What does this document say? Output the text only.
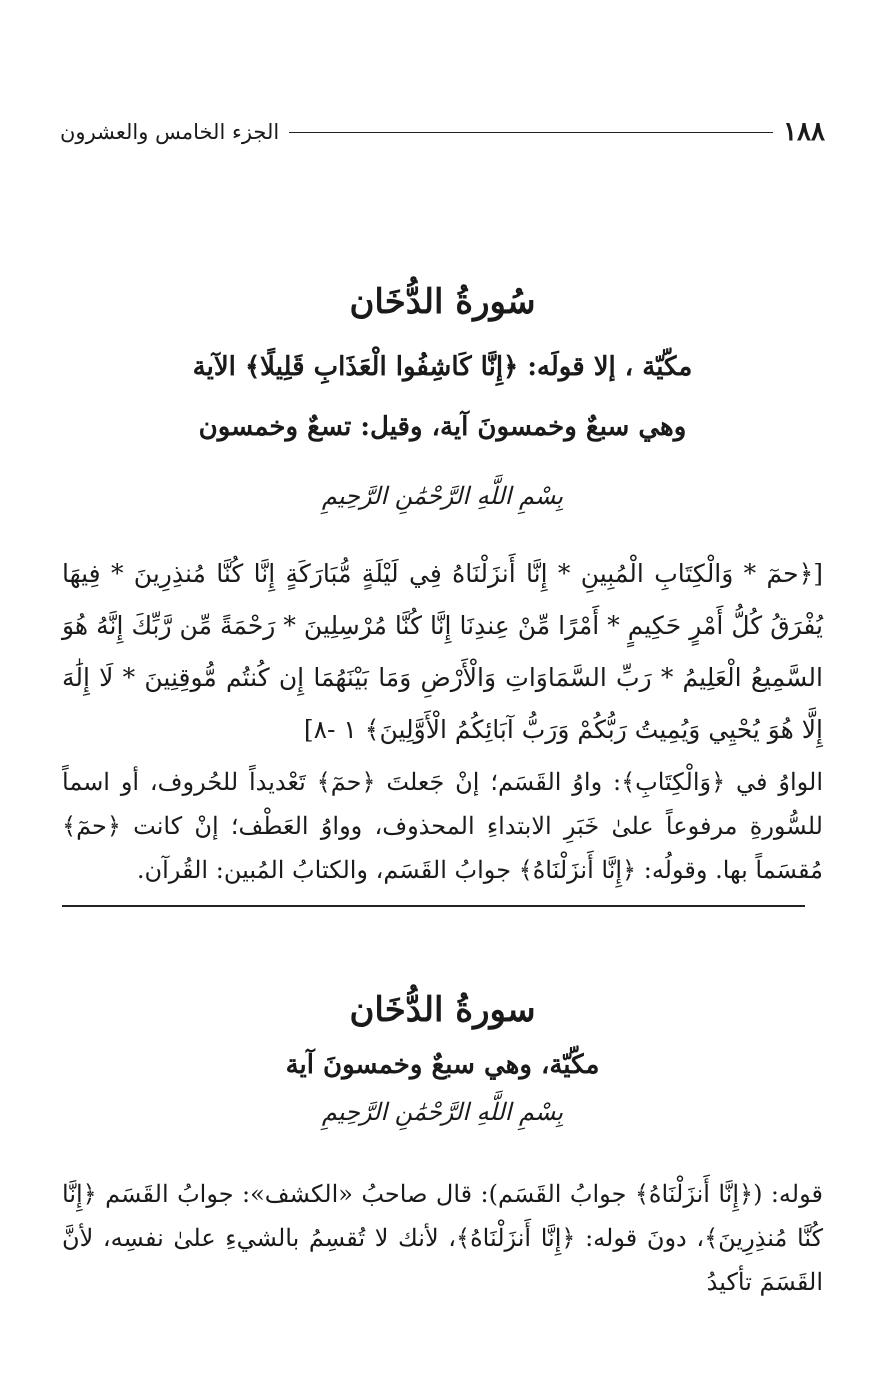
١٨٨
الجزء الخامس والعشرون
سُورةُ الدُّخَان
مكّيّة ، إلا قولَه: ﴿إِنَّا كَاشِفُوا الْعَذَابِ قَلِيلًا﴾ الآية
وهي سبعٌ وخمسونَ آية، وقيل: تسعٌ وخمسون
بِسْمِ اللَّهِ الرَّحْمَٰنِ الرَّحِيمِ
[﴿حمٓ * وَالْكِتَابِ الْمُبِينِ * إِنَّا أَنزَلْنَاهُ فِي لَيْلَةٍ مُّبَارَكَةٍ إِنَّا كُنَّا مُنذِرِينَ * فِيهَا يُفْرَقُ كُلُّ أَمْرٍ حَكِيمٍ * أَمْرًا مِّنْ عِندِنَا إِنَّا كُنَّا مُرْسِلِينَ * رَحْمَةً مِّن رَّبِّكَ إِنَّهُ هُوَ السَّمِيعُ الْعَلِيمُ * رَبِّ السَّمَاوَاتِ وَالْأَرْضِ وَمَا بَيْنَهُمَا إِن كُنتُم مُّوقِنِينَ * لَا إِلَٰهَ إِلَّا هُوَ يُحْيِي وَيُمِيتُ رَبُّكُمْ وَرَبُّ آبَائِكُمُ الْأَوَّلِينَ﴾ ١ -٨]
الواوُ في ﴿وَالْكِتَابِ﴾: واوُ القَسَم؛ إنْ جَعلتَ ﴿حمٓ﴾ تَعْديداً للحُروف، أو اسماً للسُّورةِ مرفوعاً علىٰ خَبَرِ الابتداءِ المحذوف، وواوُ العَطْف؛ إنْ كانت ﴿حمٓ﴾ مُقسَماً بها. وقولُه: ﴿إِنَّا أَنزَلْنَاهُ﴾ جوابُ القَسَم، والكتابُ المُبين: القُرآن.
سورةُ الدُّخَان
مكّيّة، وهي سبعٌ وخمسونَ آية
بِسْمِ اللَّهِ الرَّحْمَٰنِ الرَّحِيمِ
قوله: (﴿إِنَّا أَنزَلْنَاهُ﴾ جوابُ القَسَم): قال صاحبُ «الكشف»: جوابُ القَسَم ﴿إِنَّا كُنَّا مُنذِرِينَ﴾، دونَ قوله: ﴿إِنَّا أَنزَلْنَاهُ﴾، لأنك لا تُقسِمُ بالشيءِ علىٰ نفسِه، لأنَّ القَسَمَ تأكيدُ
